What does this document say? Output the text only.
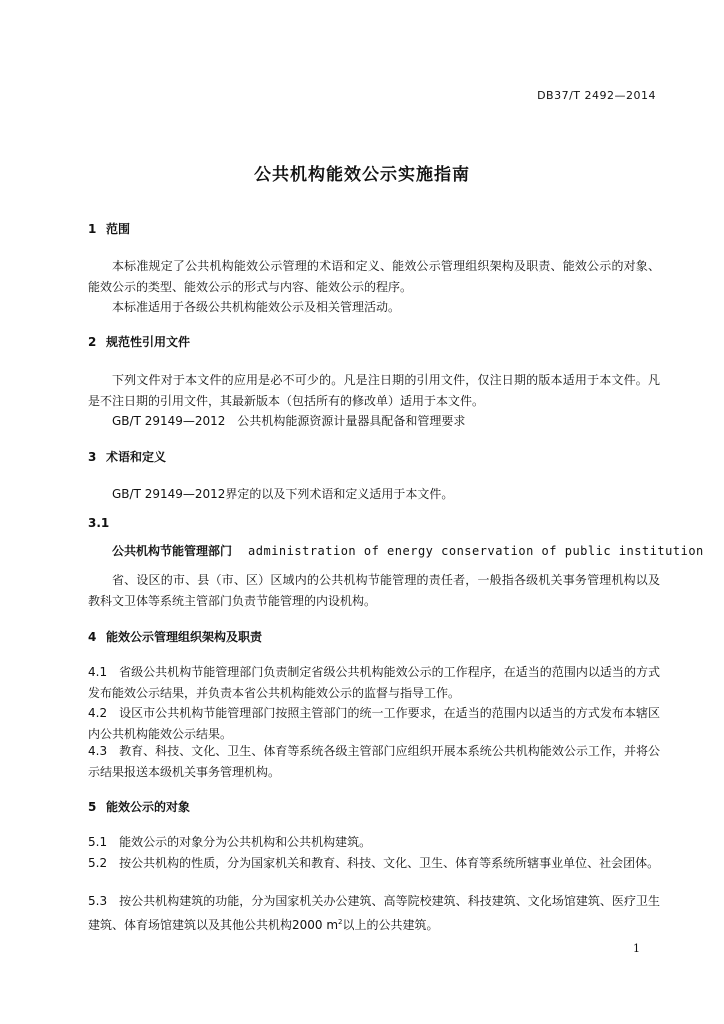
DB37/T 2492—2014
公共机构能效公示实施指南
1 范围
本标准规定了公共机构能效公示管理的术语和定义、能效公示管理组织架构及职责、能效公示的对象、能效公示的类型、能效公示的形式与内容、能效公示的程序。
本标准适用于各级公共机构能效公示及相关管理活动。
2 规范性引用文件
下列文件对于本文件的应用是必不可少的。凡是注日期的引用文件，仅注日期的版本适用于本文件。凡是不注日期的引用文件，其最新版本（包括所有的修改单）适用于本文件。
GB/T 29149—2012　公共机构能源资源计量器具配备和管理要求
3 术语和定义
GB/T 29149—2012界定的以及下列术语和定义适用于本文件。
3.1
公共机构节能管理部门 administration of energy conservation of public institution
省、设区的市、县（市、区）区域内的公共机构节能管理的责任者，一般指各级机关事务管理机构以及教科文卫体等系统主管部门负责节能管理的内设机构。
4 能效公示管理组织架构及职责
4.1 省级公共机构节能管理部门负责制定省级公共机构能效公示的工作程序，在适当的范围内以适当的方式发布能效公示结果，并负责本省公共机构能效公示的监督与指导工作。
4.2 设区市公共机构节能管理部门按照主管部门的统一工作要求，在适当的范围内以适当的方式发布本辖区内公共机构能效公示结果。
4.3 教育、科技、文化、卫生、体育等系统各级主管部门应组织开展本系统公共机构能效公示工作，并将公示结果报送本级机关事务管理机构。
5 能效公示的对象
5.1 能效公示的对象分为公共机构和公共机构建筑。
5.2 按公共机构的性质，分为国家机关和教育、科技、文化、卫生、体育等系统所辖事业单位、社会团体。
5.3 按公共机构建筑的功能，分为国家机关办公建筑、高等院校建筑、科技建筑、文化场馆建筑、医疗卫生建筑、体育场馆建筑以及其他公共机构2000 $m^2$以上的公共建筑。
1
